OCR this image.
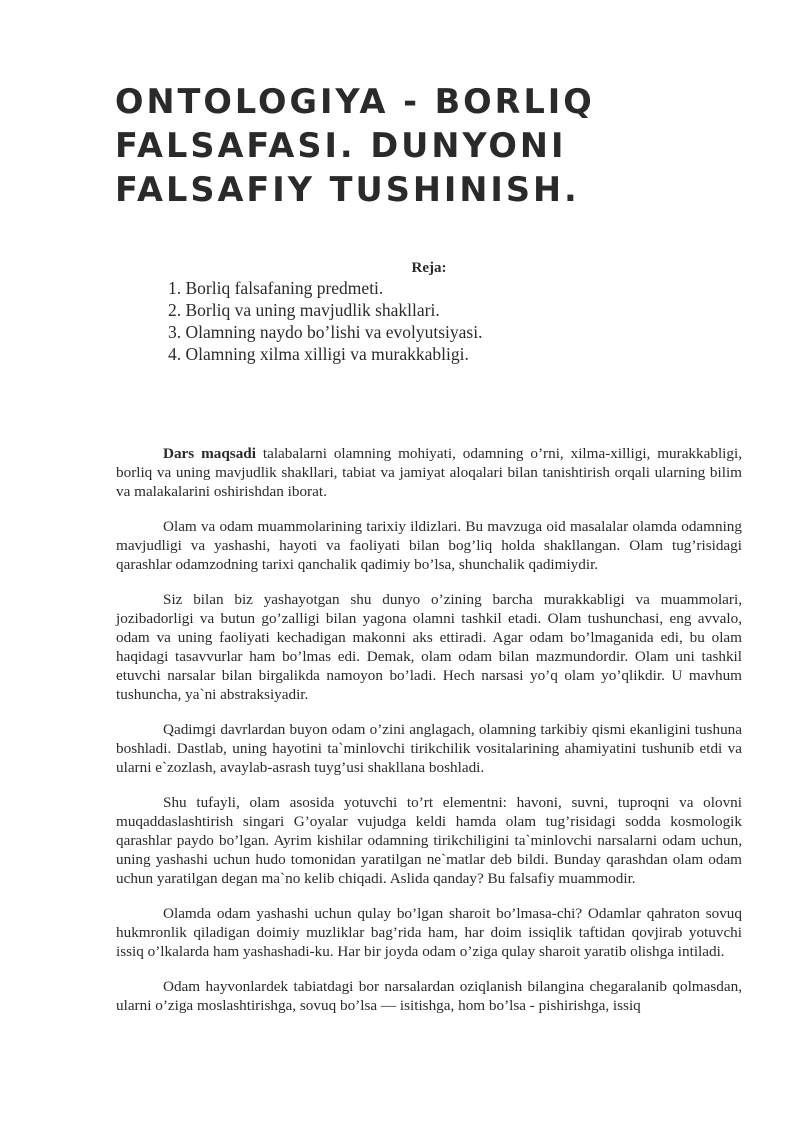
ONTOLOGIYA - BORLIQ FALSAFASI. DUNYONI FALSAFIY TUSHINISH.

Reja:

1. Borliq falsafaning predmeti.
2. Borliq va uning mavjudlik shakllari.
3. Olamning naydo bo’lishi va evolyutsiyasi.
4. Olamning xilma xilligi va murakkabligi.

Dars maqsadi talabalarni olamning mohiyati, odamning o’rni, xilma-xilligi, murakkabligi, borliq va uning mavjudlik shakllari, tabiat va jamiyat aloqalari bilan tanishtirish orqali ularning bilim va malakalarini oshirishdan iborat.

Olam va odam muammolarining tarixiy ildizlari. Bu mavzuga oid masalalar olamda odamning mavjudligi va yashashi, hayoti va faoliyati bilan bog’liq holda shakllangan. Olam tug’risidagi qarashlar odamzodning tarixi qanchalik qadimiy bo’lsa, shunchalik qadimiydir.

Siz bilan biz yashayotgan shu dunyo o’zining barcha murakkabligi va muammolari, jozibadorligi va butun go’zalligi bilan yagona olamni tashkil etadi. Olam tushunchasi, eng avvalo, odam va uning faoliyati kechadigan makonni aks ettiradi. Agar odam bo’lmaganida edi, bu olam haqidagi tasavvurlar ham bo’lmas edi. Demak, olam odam bilan mazmundordir. Olam uni tashkil etuvchi narsalar bilan birgalikda namoyon bo’ladi. Hech narsasi yo’q olam yo’qlikdir. U mavhum tushuncha, ya`ni abstraksiyadir.

Qadimgi davrlardan buyon odam o’zini anglagach, olamning tarkibiy qismi ekanligini tushuna boshladi. Dastlab, uning hayotini ta`minlovchi tirikchilik vositalarining ahamiyatini tushunib etdi va ularni e`zozlash, avaylab-asrash tuyg’usi shakllana boshladi.

Shu tufayli, olam asosida yotuvchi to’rt elementni: havoni, suvni, tuproqni va olovni muqaddaslashtirish singari G’oyalar vujudga keldi hamda olam tug’risidagi sodda kosmologik qarashlar paydo bo’lgan. Ayrim kishilar odamning tirikchiligini ta`minlovchi narsalarni odam uchun, uning yashashi uchun hudo tomonidan yaratilgan ne`matlar deb bildi. Bunday qarashdan olam odam uchun yaratilgan degan ma`no kelib chiqadi. Aslida qanday? Bu falsafiy muammodir.

Olamda odam yashashi uchun qulay bo’lgan sharoit bo’lmasa-chi? Odamlar qahraton sovuq hukmronlik qiladigan doimiy muzliklar bag’rida ham, har doim issiqlik taftidan qovjirab yotuvchi issiq o’lkalarda ham yashashadi-ku. Har bir joyda odam o’ziga qulay sharoit yaratib olishga intiladi.

Odam hayvonlardek tabiatdagi bor narsalardan oziqlanish bilangina chegaralanib qolmasdan, ularni o’ziga moslashtirishga, sovuq bo’lsa — isitishga, hom bo’lsa - pishirishga, issiq
